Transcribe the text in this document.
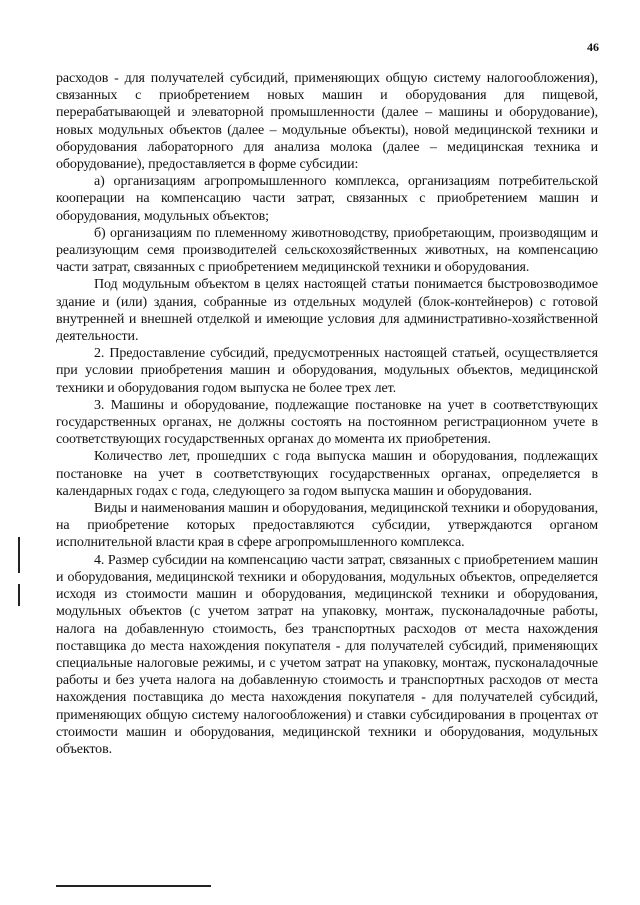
46

расходов - для получателей субсидий, применяющих общую систему налогообложения), связанных с приобретением новых машин и оборудования для пищевой, перерабатывающей и элеваторной промышленности (далее – машины и оборудование), новых модульных объектов (далее – модульные объекты), новой медицинской техники и оборудования лабораторного для анализа молока (далее – медицинская техника и оборудование), предоставляется в форме субсидии:

а) организациям агропромышленного комплекса, организациям потребительской кооперации на компенсацию части затрат, связанных с приобретением машин и оборудования, модульных объектов;

б) организациям по племенному животноводству, приобретающим, производящим и реализующим семя производителей сельскохозяйственных животных, на компенсацию части затрат, связанных с приобретением медицинской техники и оборудования.

Под модульным объектом в целях настоящей статьи понимается быстровозводимое здание и (или) здания, собранные из отдельных модулей (блок-контейнеров) с готовой внутренней и внешней отделкой и имеющие условия для административно-хозяйственной деятельности.

2. Предоставление субсидий, предусмотренных настоящей статьей, осуществляется при условии приобретения машин и оборудования, модульных объектов, медицинской техники и оборудования годом выпуска не более трех лет.

3. Машины и оборудование, подлежащие постановке на учет в соответствующих государственных органах, не должны состоять на постоянном регистрационном учете в соответствующих государственных органах до момента их приобретения.

Количество лет, прошедших с года выпуска машин и оборудования, подлежащих постановке на учет в соответствующих государственных органах, определяется в календарных годах с года, следующего за годом выпуска машин и оборудования.

Виды и наименования машин и оборудования, медицинской техники и оборудования, на приобретение которых предоставляются субсидии, утверждаются органом исполнительной власти края в сфере агропромышленного комплекса.

4. Размер субсидии на компенсацию части затрат, связанных с приобретением машин и оборудования, медицинской техники и оборудования, модульных объектов, определяется исходя из стоимости машин и оборудования, медицинской техники и оборудования, модульных объектов (с учетом затрат на упаковку, монтаж, пусконаладочные работы, налога на добавленную стоимость, без транспортных расходов от места нахождения поставщика до места нахождения покупателя - для получателей субсидий, применяющих специальные налоговые режимы, и с учетом затрат на упаковку, монтаж, пусконаладочные работы и без учета налога на добавленную стоимость и транспортных расходов от места нахождения поставщика до места нахождения покупателя - для получателей субсидий, применяющих общую систему налогообложения) и ставки субсидирования в процентах от стоимости машин и оборудования, медицинской техники и оборудования, модульных объектов.
